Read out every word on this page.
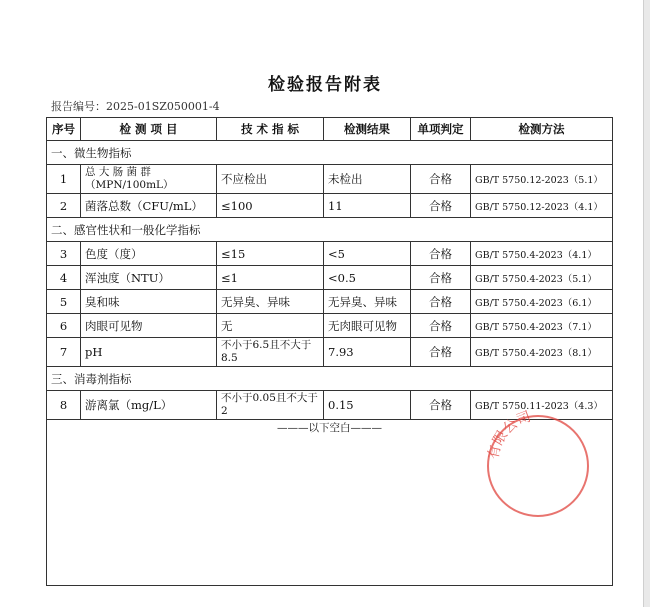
检验报告附表
报告编号：2025-01SZ050001-4
序号	检 测 项 目	技 术 指 标	检测结果	单项判定	检测方法
一、微生物指标					
1	总 大 肠 菌 群（MPN/100mL）	不应检出	未检出	合格	GB/T 5750.12-2023（5.1）
2	菌落总数（CFU/mL）	≤100	11	合格	GB/T 5750.12-2023（4.1）
二、感官性状和一般化学指标					
3	色度（度）	≤15	<5	合格	GB/T 5750.4-2023（4.1）
4	浑浊度（NTU）	≤1	<0.5	合格	GB/T 5750.4-2023（5.1）
5	臭和味	无异臭、异味	无异臭、异味	合格	GB/T 5750.4-2023（6.1）
6	肉眼可见物	无	无肉眼可见物	合格	GB/T 5750.4-2023（7.1）
7	pH	不小于6.5且不大于8.5	7.93	合格	GB/T 5750.4-2023（8.1）
三、消毒剂指标					
8	游离氯（mg/L）	不小于0.05且不大于2	0.15	合格	GB/T 5750.11-2023（4.3）
———以下空白———					
有限公司
